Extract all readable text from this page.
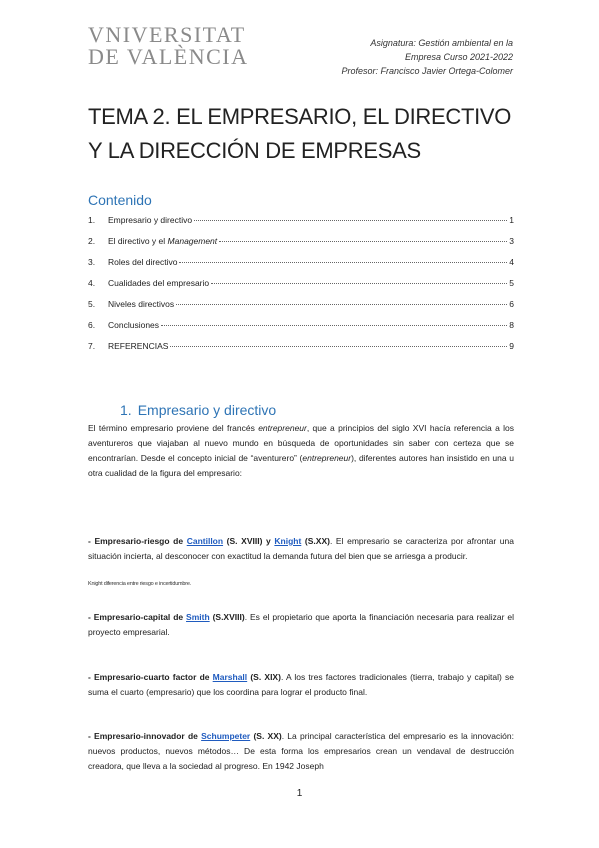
VNIVERSITAT
DE VALÈNCIA
Asignatura: Gestión ambiental en la
Empresa Curso 2021-2022
Profesor: Francisco Javier Ortega-Colomer
TEMA 2. EL EMPRESARIO, EL DIRECTIVO Y LA DIRECCIÓN DE EMPRESAS
Contenido
1.	Empresario y directivo	1
2.	El directivo y el Management	3
3.	Roles del directivo	4
4.	Cualidades del empresario	5
5.	Niveles directivos	6
6.	Conclusiones	8
7.	REFERENCIAS	9
1. Empresario y directivo

El término empresario proviene del francés entrepreneur, que a principios del siglo XVI hacía referencia a los aventureros que viajaban al nuevo mundo en búsqueda de oportunidades sin saber con certeza que se encontrarían. Desde el concepto inicial de “aventurero” (entrepreneur), diferentes autores han insistido en una u otra cualidad de la figura del empresario:

- Empresario-riesgo de Cantillon (S. XVIII) y Knight (S.XX). El empresario se caracteriza por afrontar una situación incierta, al desconocer con exactitud la demanda futura del bien que se arriesga a producir.

Knight diferencia entre riesgo e incertidumbre.

- Empresario-capital de Smith (S.XVIII). Es el propietario que aporta la financiación necesaria para realizar el proyecto empresarial.

- Empresario-cuarto factor de Marshall (S. XIX). A los tres factores tradicionales (tierra, trabajo y capital) se suma el cuarto (empresario) que los coordina para lograr el producto final.

- Empresario-innovador de Schumpeter (S. XX). La principal característica del empresario es la innovación: nuevos productos, nuevos métodos… De esta forma los empresarios crean un vendaval de destrucción creadora, que lleva a la sociedad al progreso. En 1942 Joseph

1
